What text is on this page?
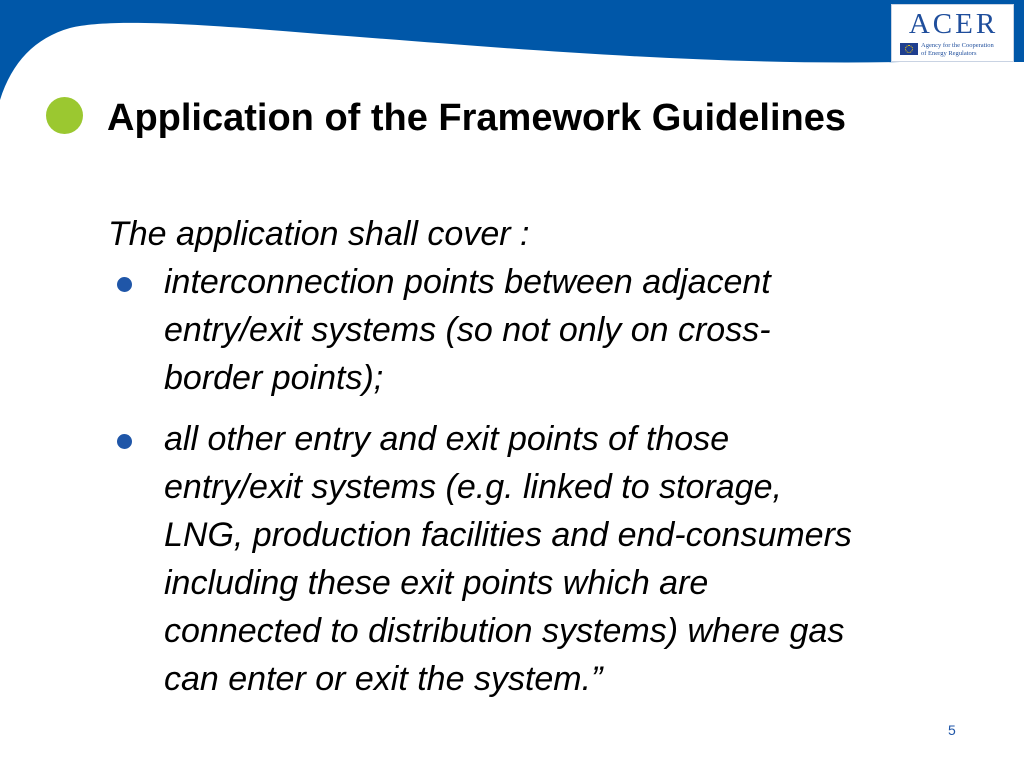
ACER
Agency for the Cooperation
of Energy Regulators
Application of the Framework Guidelines
The application shall cover :
interconnection points between adjacent
entry/exit systems (so not only on cross-
border points);
all other entry and exit points of those
entry/exit systems (e.g. linked to storage,
LNG, production facilities and end-consumers
including these exit points which are
connected to distribution systems) where gas
can enter or exit the system.”
5
